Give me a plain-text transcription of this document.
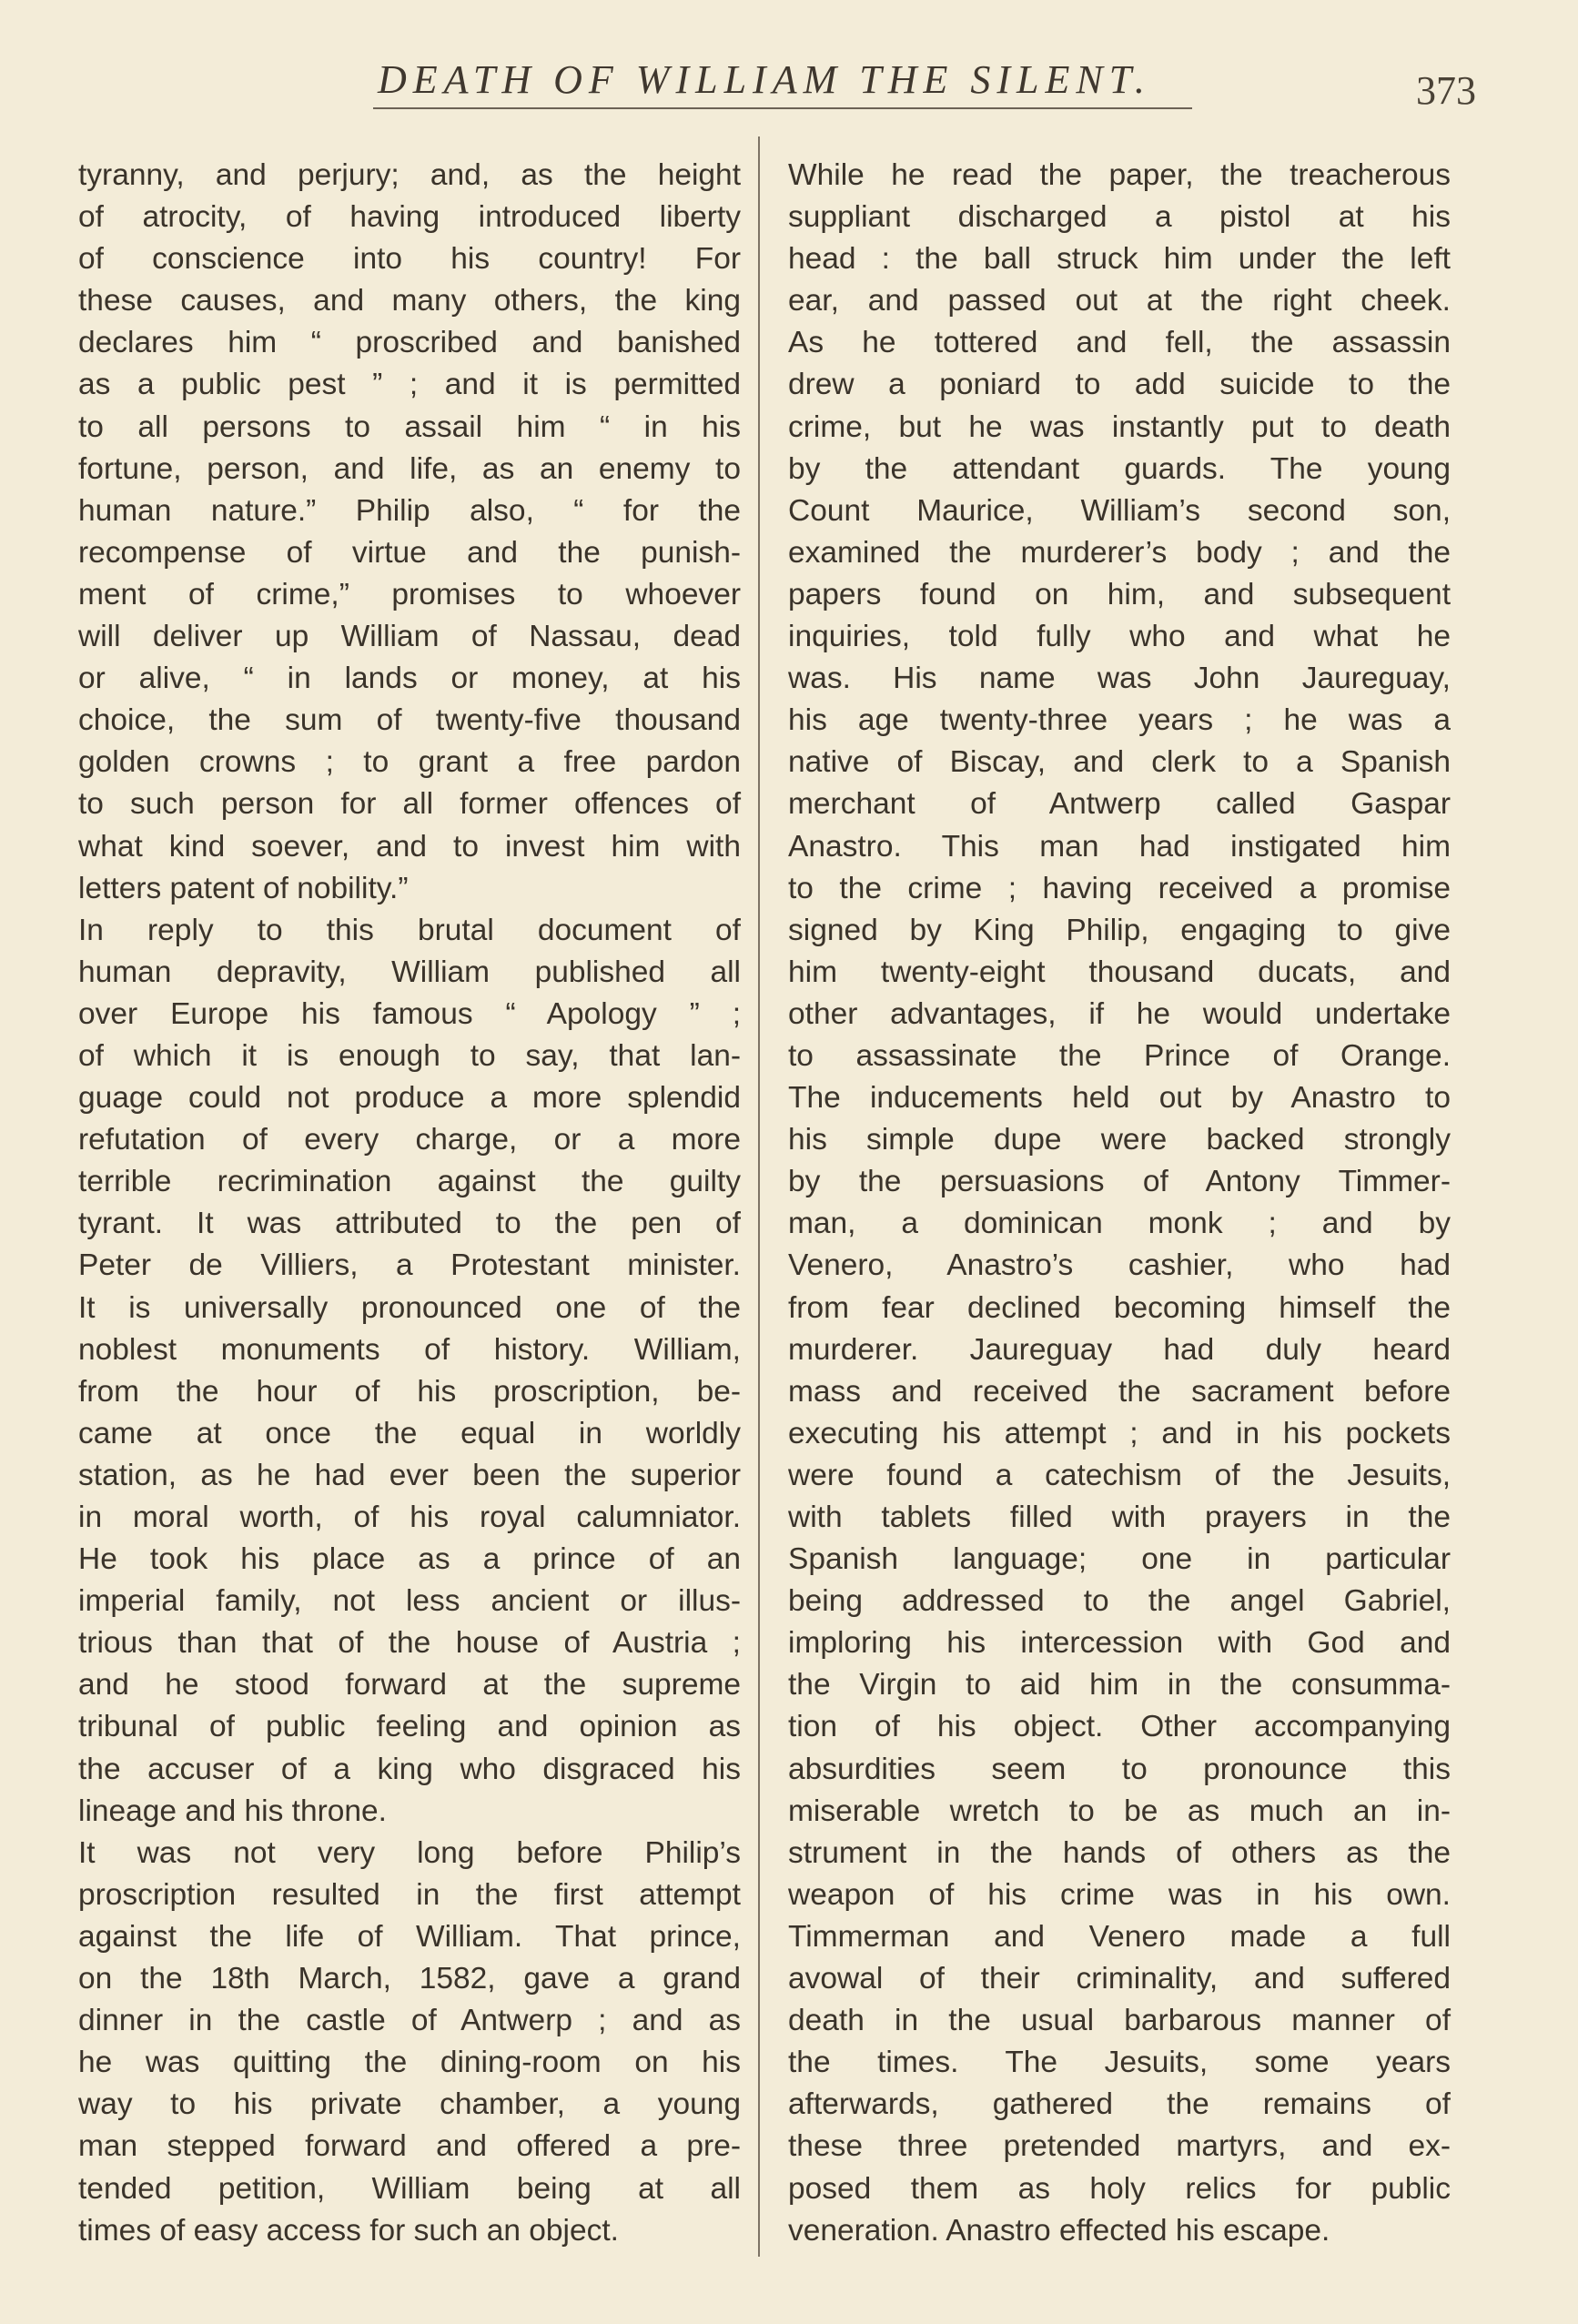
DEATH OF WILLIAM THE SILENT.	373
tyranny, and perjury; and, as the height
of atrocity, of having introduced liberty
of conscience into his country! For
these causes, and many others, the king
declares him “ proscribed and banished
as a public pest ” ; and it is permitted
to all persons to assail him “ in his
fortune, person, and life, as an enemy to
human nature.” Philip also, “ for the
recompense of virtue and the punish-
ment of crime,” promises to whoever
will deliver up William of Nassau, dead
or alive, “ in lands or money, at his
choice, the sum of twenty-five thousand
golden crowns ; to grant a free pardon
to such person for all former offences of
what kind soever, and to invest him with
letters patent of nobility.”
In reply to this brutal document of
human depravity, William published all
over Europe his famous “ Apology ” ;
of which it is enough to say, that lan-
guage could not produce a more splendid
refutation of every charge, or a more
terrible recrimination against the guilty
tyrant. It was attributed to the pen of
Peter de Villiers, a Protestant minister.
It is universally pronounced one of the
noblest monuments of history. William,
from the hour of his proscription, be-
came at once the equal in worldly
station, as he had ever been the superior
in moral worth, of his royal calumniator.
He took his place as a prince of an
imperial family, not less ancient or illus-
trious than that of the house of Austria ;
and he stood forward at the supreme
tribunal of public feeling and opinion as
the accuser of a king who disgraced his
lineage and his throne.
It was not very long before Philip’s
proscription resulted in the first attempt
against the life of William. That prince,
on the 18th March, 1582, gave a grand
dinner in the castle of Antwerp ; and as
he was quitting the dining-room on his
way to his private chamber, a young
man stepped forward and offered a pre-
tended petition, William being at all
times of easy access for such an object.
While he read the paper, the treacherous
suppliant discharged a pistol at his
head : the ball struck him under the left
ear, and passed out at the right cheek.
As he tottered and fell, the assassin
drew a poniard to add suicide to the
crime, but he was instantly put to death
by the attendant guards. The young
Count Maurice, William’s second son,
examined the murderer’s body ; and the
papers found on him, and subsequent
inquiries, told fully who and what he
was. His name was John Jaureguay,
his age twenty-three years ; he was a
native of Biscay, and clerk to a Spanish
merchant of Antwerp called Gaspar
Anastro. This man had instigated him
to the crime ; having received a promise
signed by King Philip, engaging to give
him twenty-eight thousand ducats, and
other advantages, if he would undertake
to assassinate the Prince of Orange.
The inducements held out by Anastro to
his simple dupe were backed strongly
by the persuasions of Antony Timmer-
man, a dominican monk ; and by
Venero, Anastro’s cashier, who had
from fear declined becoming himself the
murderer. Jaureguay had duly heard
mass and received the sacrament before
executing his attempt ; and in his pockets
were found a catechism of the Jesuits,
with tablets filled with prayers in the
Spanish language; one in particular
being addressed to the angel Gabriel,
imploring his intercession with God and
the Virgin to aid him in the consumma-
tion of his object. Other accompanying
absurdities seem to pronounce this
miserable wretch to be as much an in-
strument in the hands of others as the
weapon of his crime was in his own.
Timmerman and Venero made a full
avowal of their criminality, and suffered
death in the usual barbarous manner of
the times. The Jesuits, some years
afterwards, gathered the remains of
these three pretended martyrs, and ex-
posed them as holy relics for public
veneration. Anastro effected his escape.
